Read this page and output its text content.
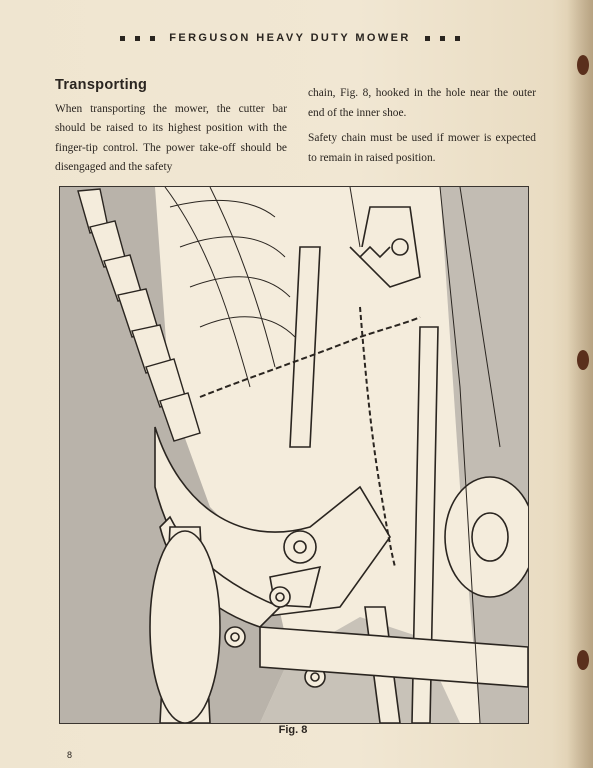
FERGUSON HEAVY DUTY MOWER
Transporting

When transporting the mower, the cutter bar should be raised to its highest position with the finger-tip control. The power take-off should be disengaged and the safety

chain, Fig. 8, hooked in the hole near the outer end of the inner shoe.

Safety chain must be used if mower is expected to remain in raised position.

Fig. 8
8
